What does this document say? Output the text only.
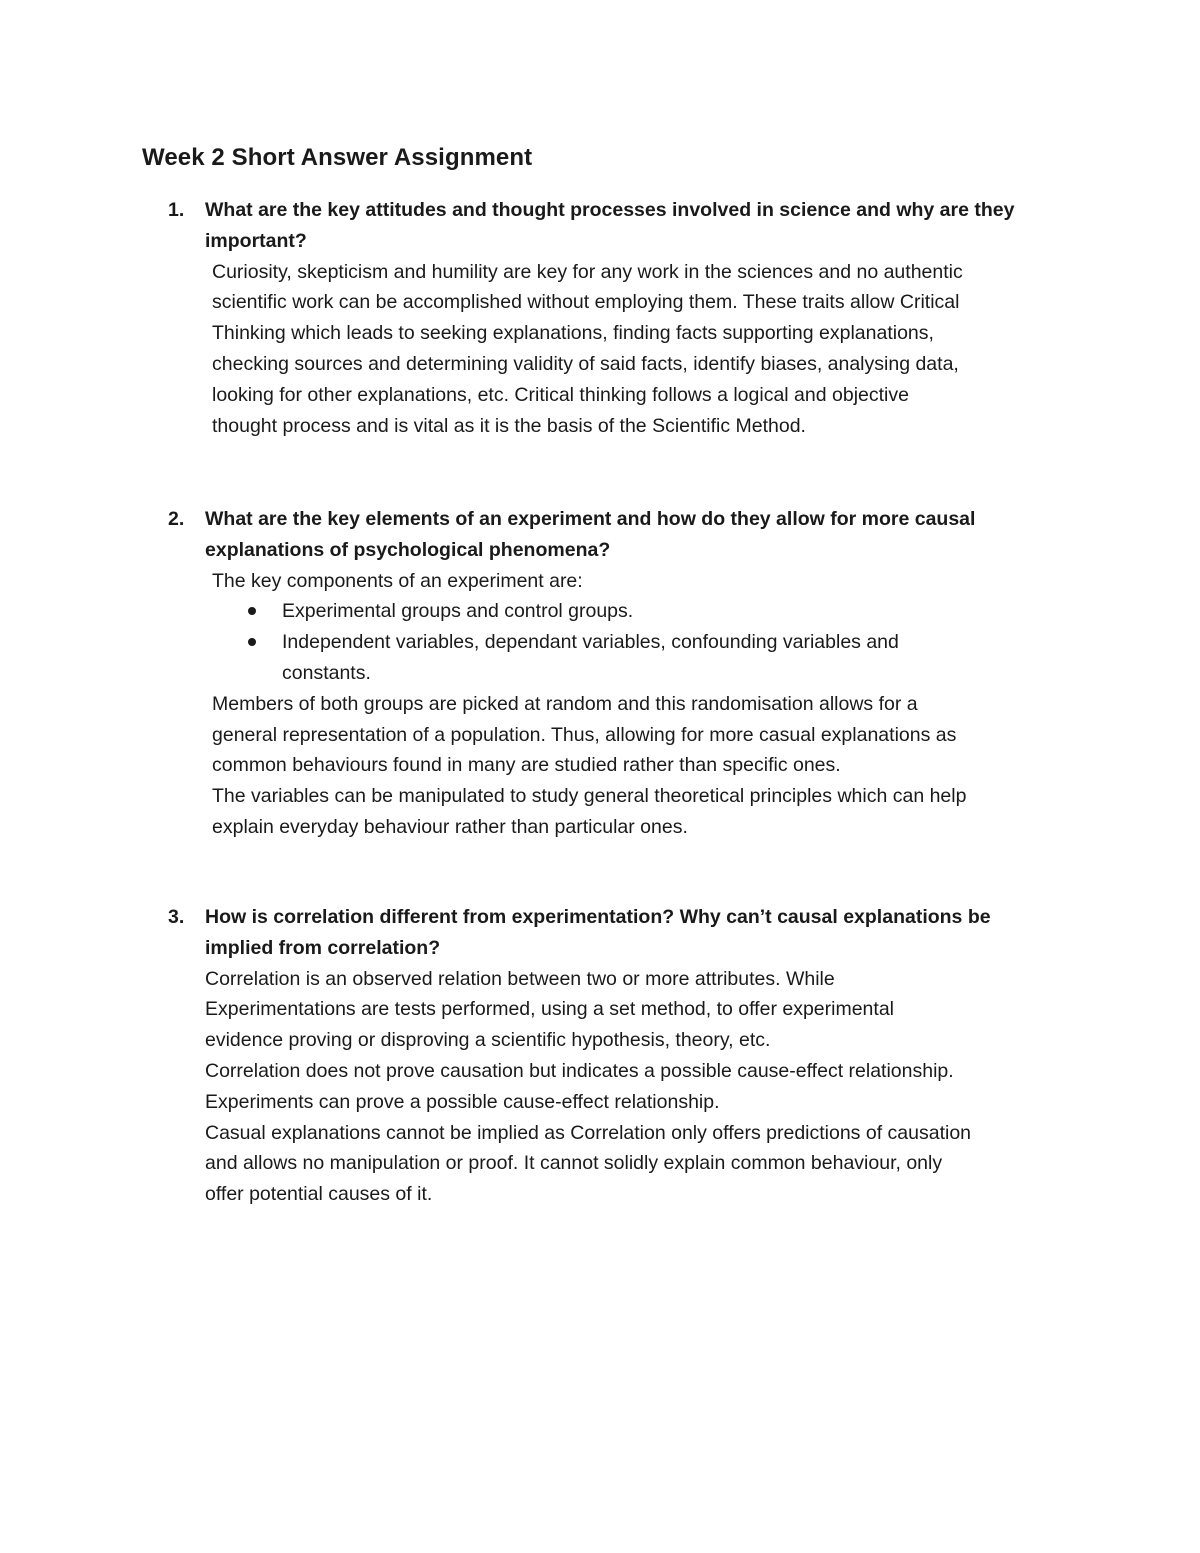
Week 2 Short Answer Assignment
1. What are the key attitudes and thought processes involved in science and why are they
important?
Curiosity, skepticism and humility are key for any work in the sciences and no authentic
scientific work can be accomplished without employing them. These traits allow Critical
Thinking which leads to seeking explanations, finding facts supporting explanations,
checking sources and determining validity of said facts, identify biases, analysing data,
looking for other explanations, etc. Critical thinking follows a logical and objective
thought process and is vital as it is the basis of the Scientific Method.
2. What are the key elements of an experiment and how do they allow for more causal
explanations of psychological phenomena?
The key components of an experiment are:
Experimental groups and control groups.
Independent variables, dependant variables, confounding variables and
constants.
Members of both groups are picked at random and this randomisation allows for a
general representation of a population. Thus, allowing for more casual explanations as
common behaviours found in many are studied rather than specific ones.
The variables can be manipulated to study general theoretical principles which can help
explain everyday behaviour rather than particular ones.
3. How is correlation different from experimentation? Why can’t causal explanations be
implied from correlation?
Correlation is an observed relation between two or more attributes. While
Experimentations are tests performed, using a set method, to offer experimental
evidence proving or disproving a scientific hypothesis, theory, etc.
Correlation does not prove causation but indicates a possible cause-effect relationship.
Experiments can prove a possible cause-effect relationship.
Casual explanations cannot be implied as Correlation only offers predictions of causation
and allows no manipulation or proof. It cannot solidly explain common behaviour, only
offer potential causes of it.
